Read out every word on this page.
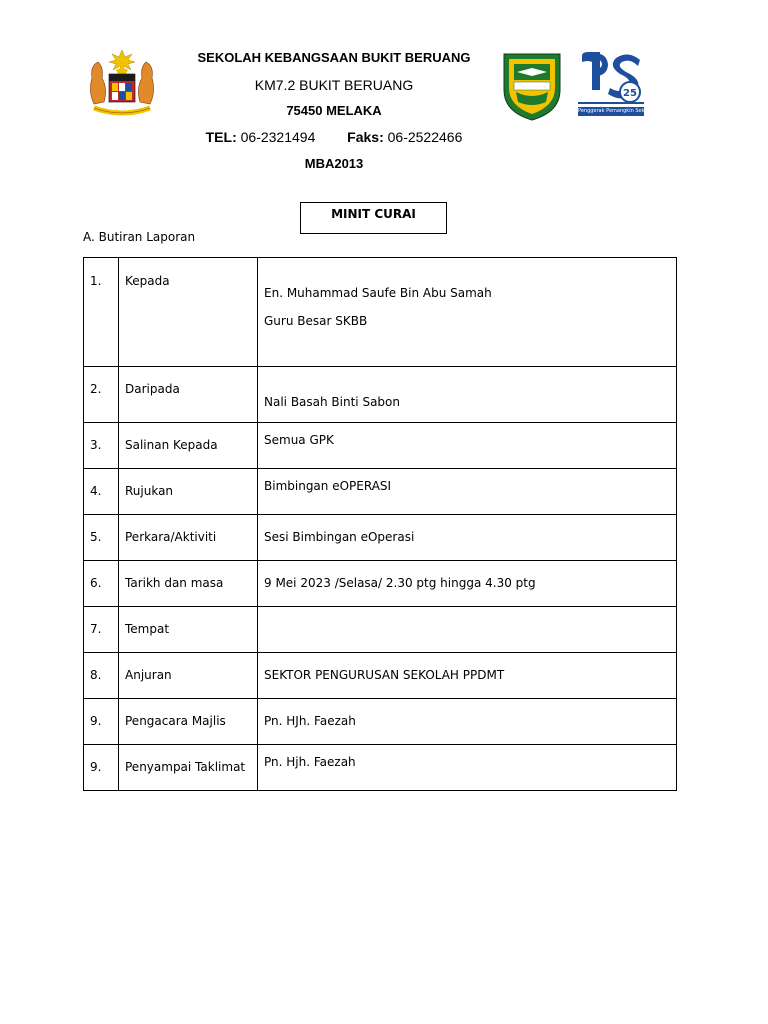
SEKOLAH KEBANGSAAN BUKIT BERUANG
KM7.2 BUKIT BERUANG
75450 MELAKA
TEL: 06-2321494 Faks: 06-2522466
MBA2013
25
Penggerak Pemangkin Sekolah
MINIT CURAI
A. Butiran Laporan
1.	Kepada	En. Muhammad Saufe Bin Abu Samah
Guru Besar SKBB

2.	Daripada	Nali Basah Binti Sabon

3.	Salinan Kepada	Semua GPK

4.	Rujukan	Bimbingan eOPERASI

5.	Perkara/Aktiviti	Sesi Bimbingan eOperasi

6.	Tarikh dan masa	9 Mei 2023 /Selasa/ 2.30 ptg hingga 4.30 ptg

7.	Tempat	

8.	Anjuran	SEKTOR PENGURUSAN SEKOLAH PPDMT

9.	Pengacara Majlis	Pn. HJh. Faezah

9.	Penyampai Taklimat	Pn. Hjh. Faezah
